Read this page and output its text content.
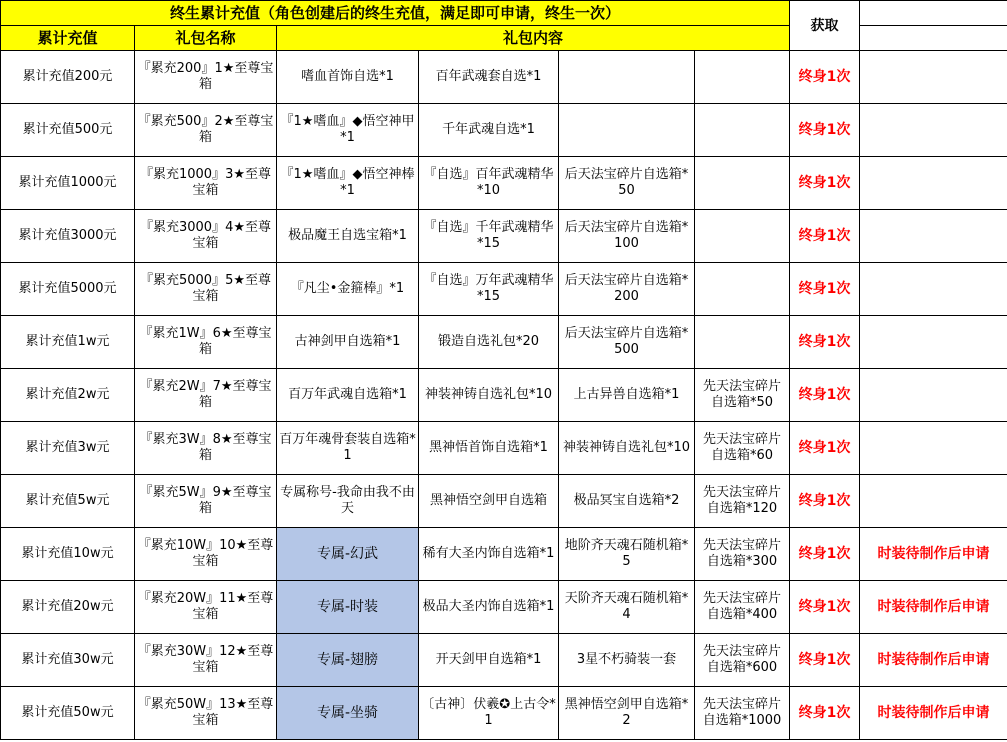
终生累计充值（角色创建后的终生充值，满足即可申请，终生一次）						获取	
累计充值	礼包名称	礼包内容					
累计充值200元	『累充200』1★至尊宝箱	嗜血首饰自选*1	百年武魂套自选*1			终身1次	
累计充值500元	『累充500』2★至尊宝箱	『1★嗜血』◆悟空神甲*1	千年武魂自选*1			终身1次	
累计充值1000元	『累充1000』3★至尊宝箱	『1★嗜血』◆悟空神棒*1	『自选』百年武魂精华*10	后天法宝碎片自选箱*50		终身1次	
累计充值3000元	『累充3000』4★至尊宝箱	极品魔王自选宝箱*1	『自选』千年武魂精华*15	后天法宝碎片自选箱*100		终身1次	
累计充值5000元	『累充5000』5★至尊宝箱	『凡尘•金箍棒』*1	『自选』万年武魂精华*15	后天法宝碎片自选箱*200		终身1次	
累计充值1w元	『累充1W』6★至尊宝箱	古神剑甲自选箱*1	锻造自选礼包*20	后天法宝碎片自选箱*500		终身1次	
累计充值2w元	『累充2W』7★至尊宝箱	百万年武魂自选箱*1	神装神铸自选礼包*10	上古异兽自选箱*1	先天法宝碎片自选箱*50	终身1次	
累计充值3w元	『累充3W』8★至尊宝箱	百万年魂骨套装自选箱*1	黑神悟首饰自选箱*1	神装神铸自选礼包*10	先天法宝碎片自选箱*60	终身1次	
累计充值5w元	『累充5W』9★至尊宝箱	专属称号-我命由我不由天	黑神悟空剑甲自选箱	极品冥宝自选箱*2	先天法宝碎片自选箱*120	终身1次	
累计充值10w元	『累充10W』10★至尊宝箱	专属-幻武	稀有大圣内饰自选箱*1	地阶齐天魂石随机箱*5	先天法宝碎片自选箱*300	终身1次	时装待制作后申请
累计充值20w元	『累充20W』11★至尊宝箱	专属-时装	极品大圣内饰自选箱*1	天阶齐天魂石随机箱*4	先天法宝碎片自选箱*400	终身1次	时装待制作后申请
累计充值30w元	『累充30W』12★至尊宝箱	专属-翅膀	开天剑甲自选箱*1	3星不朽骑装一套	先天法宝碎片自选箱*600	终身1次	时装待制作后申请
累计充值50w元	『累充50W』13★至尊宝箱	专属-坐骑	〔古神〕伏羲✪上古令*1	黑神悟空剑甲自选箱*2	先天法宝碎片自选箱*1000	终身1次	时装待制作后申请
